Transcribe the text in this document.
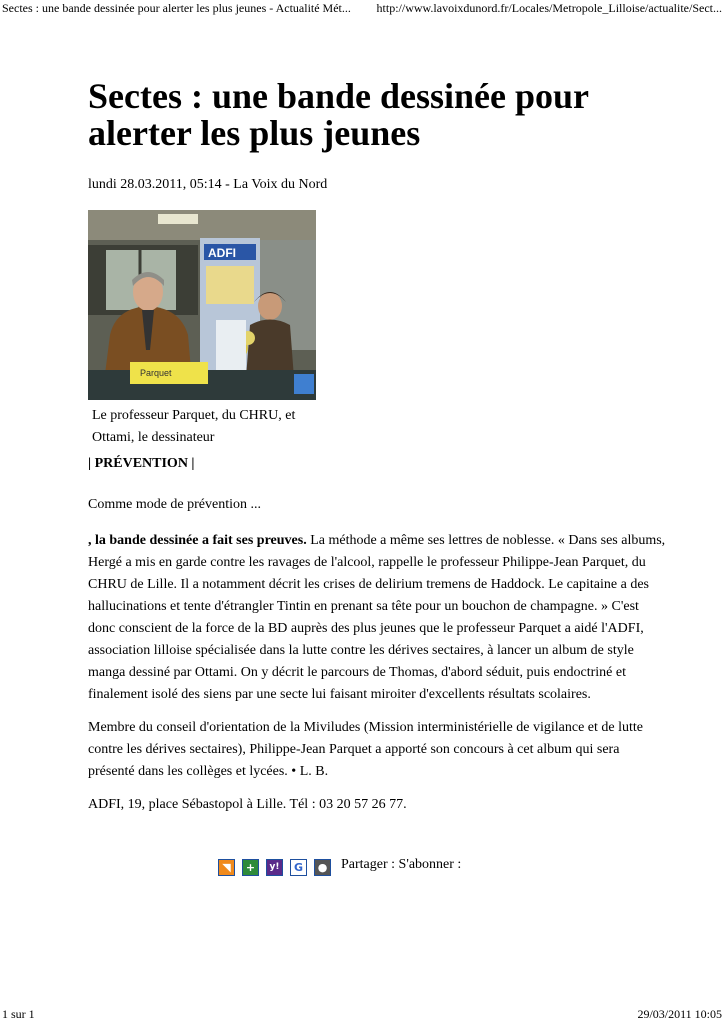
Sectes : une bande dessinée pour alerter les plus jeunes - Actualité Mét... http://www.lavoixdunord.fr/Locales/Metropole_Lilloise/actualite/Sect...
Sectes : une bande dessinée pour alerter les plus jeunes
lundi 28.03.2011, 05:14 - La Voix du Nord
ADFI
Parquet
Le professeur Parquet, du CHRU, et Ottami, le dessinateur
| PRÉVENTION |
Comme mode de prévention ...

, la bande dessinée a fait ses preuves. La méthode a même ses lettres de noblesse. « Dans ses albums, Hergé a mis en garde contre les ravages de l'alcool, rappelle le professeur Philippe-Jean Parquet, du CHRU de Lille. Il a notamment décrit les crises de delirium tremens de Haddock. Le capitaine a des hallucinations et tente d'étrangler Tintin en prenant sa tête pour un bouchon de champagne. » C'est donc conscient de la force de la BD auprès des plus jeunes que le professeur Parquet a aidé l'ADFI, association lilloise spécialisée dans la lutte contre les dérives sectaires, à lancer un album de style manga dessiné par Ottami. On y décrit le parcours de Thomas, d'abord séduit, puis endoctriné et finalement isolé des siens par une secte lui faisant miroiter d'excellents résultats scolaires.

Membre du conseil d'orientation de la Miviludes (Mission interministérielle de vigilance et de lutte contre les dérives sectaires), Philippe-Jean Parquet a apporté son concours à cet album qui sera présenté dans les collèges et lycées. • L. B.

ADFI, 19, place Sébastopol à Lille. Tél : 03 20 57 26 77.

◥	+	y!	G	● Partager : S'abonner :
1 sur 1	29/03/2011 10:05
